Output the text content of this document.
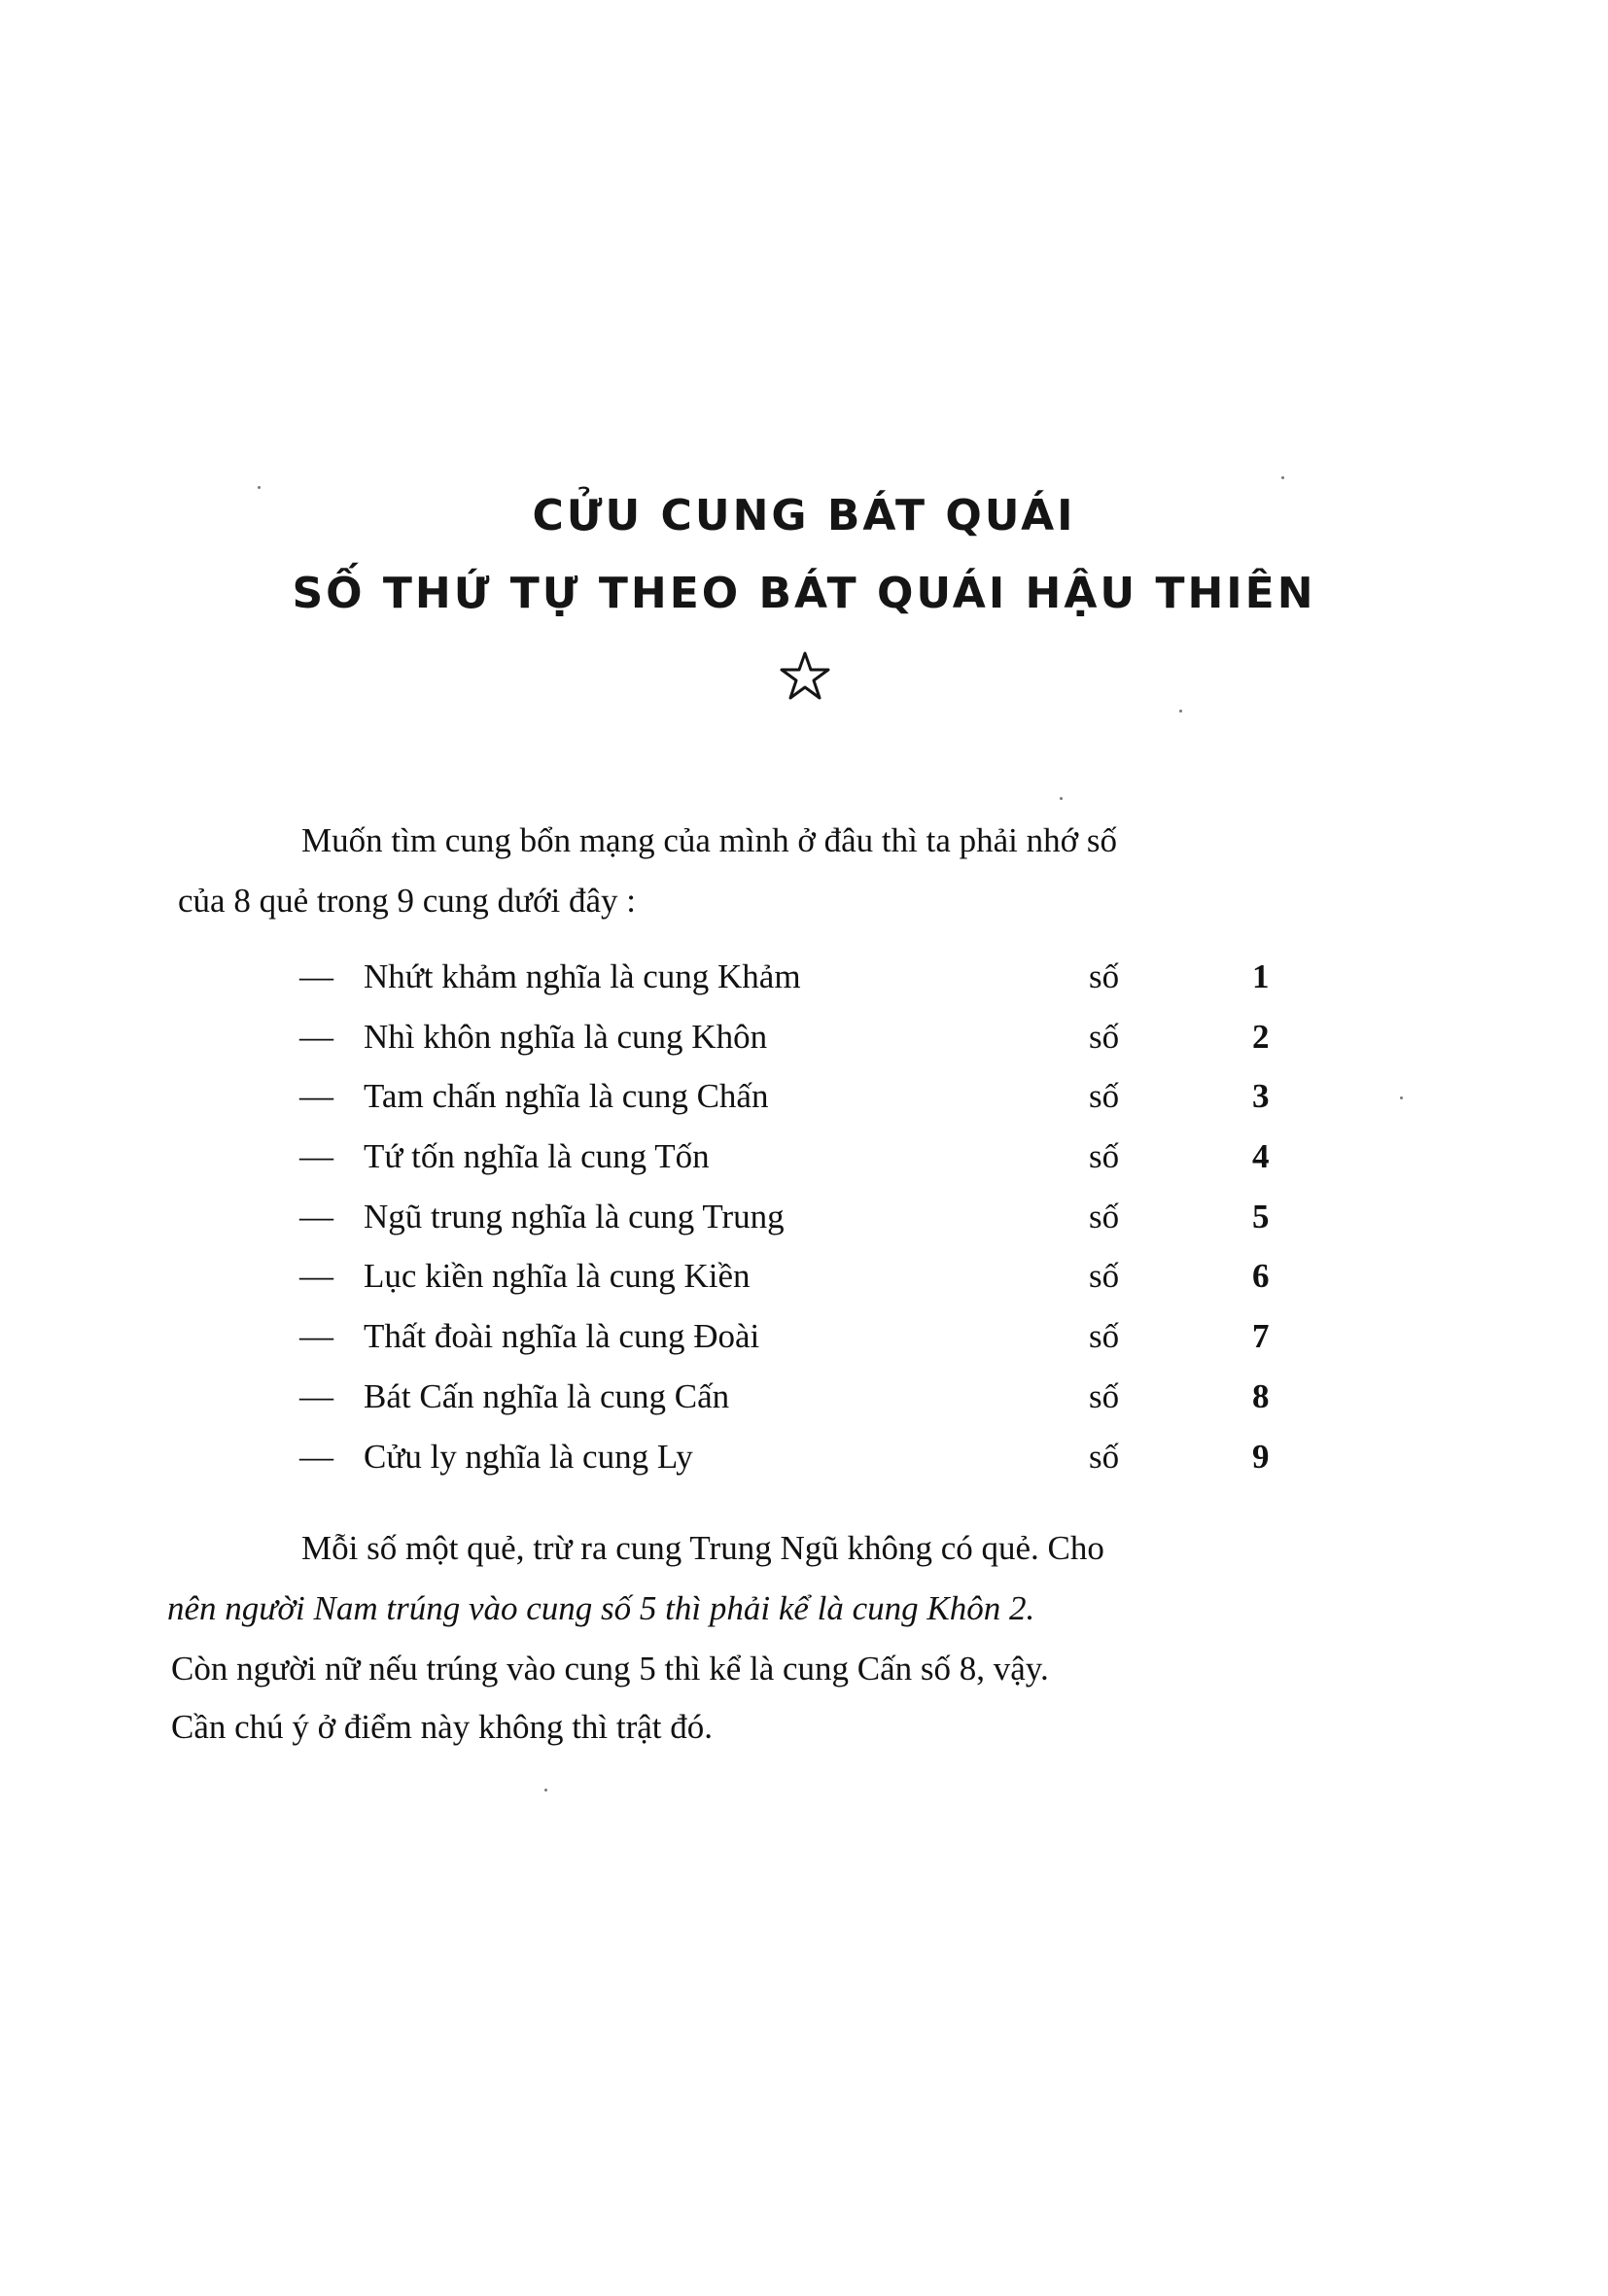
CỬU CUNG BÁT QUÁI
SỐ THỨ TỰ THEO BÁT QUÁI HẬU THIÊN
Muốn tìm cung bổn mạng của mình ở đâu thì ta phải nhớ số
của 8 quẻ trong 9 cung dưới đây :
— Nhứt khảm nghĩa là cung Khảm	số	1
— Nhì khôn nghĩa là cung Khôn	số	2
— Tam chấn nghĩa là cung Chấn	số	3
— Tứ tốn nghĩa là cung Tốn	số	4
— Ngũ trung nghĩa là cung Trung	số	5
— Lục kiền nghĩa là cung Kiền	số	6
— Thất đoài nghĩa là cung Đoài	số	7
— Bát Cấn nghĩa là cung Cấn	số	8
— Cửu ly nghĩa là cung Ly	số	9
Mỗi số một quẻ, trừ ra cung Trung Ngũ không có quẻ. Cho
nên người Nam trúng vào cung số 5 thì phải kể là cung Khôn 2.
Còn người nữ nếu trúng vào cung 5 thì kể là cung Cấn số 8, vậy.
Cần chú ý ở điểm này không thì trật đó.
